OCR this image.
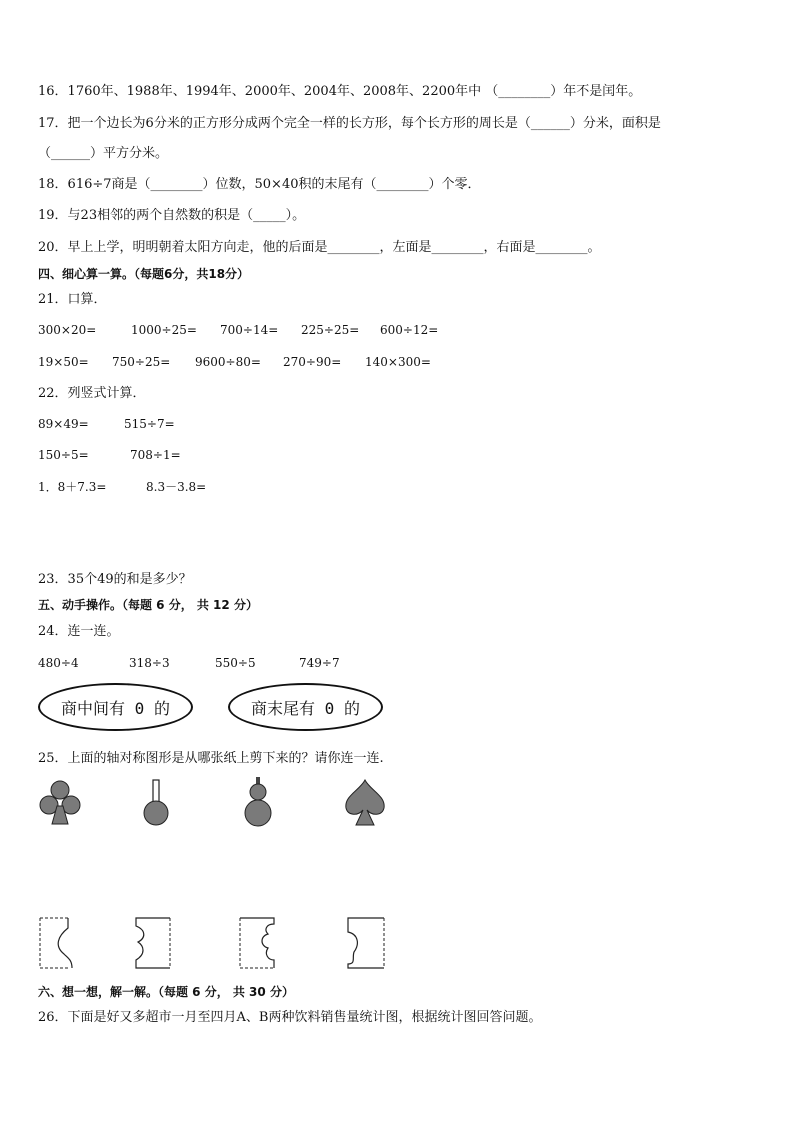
16．1760年、1988年、1994年、2000年、2004年、2008年、2200年中 （________）年不是闰年。
17．把一个边长为6分米的正方形分成两个完全一样的长方形，每个长方形的周长是（______）分米，面积是
（______）平方分米。
18．616÷7商是（________）位数，50×40积的末尾有（________）个零．
19．与23相邻的两个自然数的积是（_____）。
20．早上上学，明明朝着太阳方向走，他的后面是________，左面是________，右面是________。
四、细心算一算。（每题6分，共18分）
21．口算．
300×20=	1000÷25= 700÷14= 225÷25= 600÷12=
19×50= 750÷25= 9600÷80= 270÷90= 140×300=
22．列竖式计算．
89×49=	515÷7=
150÷5=	708÷1=
1．8＋7.3=	8.3－3.8=
23．35个49的和是多少？
五、动手操作。（每题 6 分， 共 12 分）
24．连一连。
480÷4	318÷3	550÷5	749÷7
商中间有 0 的	商末尾有 0 的
25．上面的轴对称图形是从哪张纸上剪下来的？请你连一连.
六、想一想，解一解。（每题 6 分， 共 30 分）
26．下面是好又多超市一月至四月A、B两种饮料销售量统计图，根据统计图回答问题。
